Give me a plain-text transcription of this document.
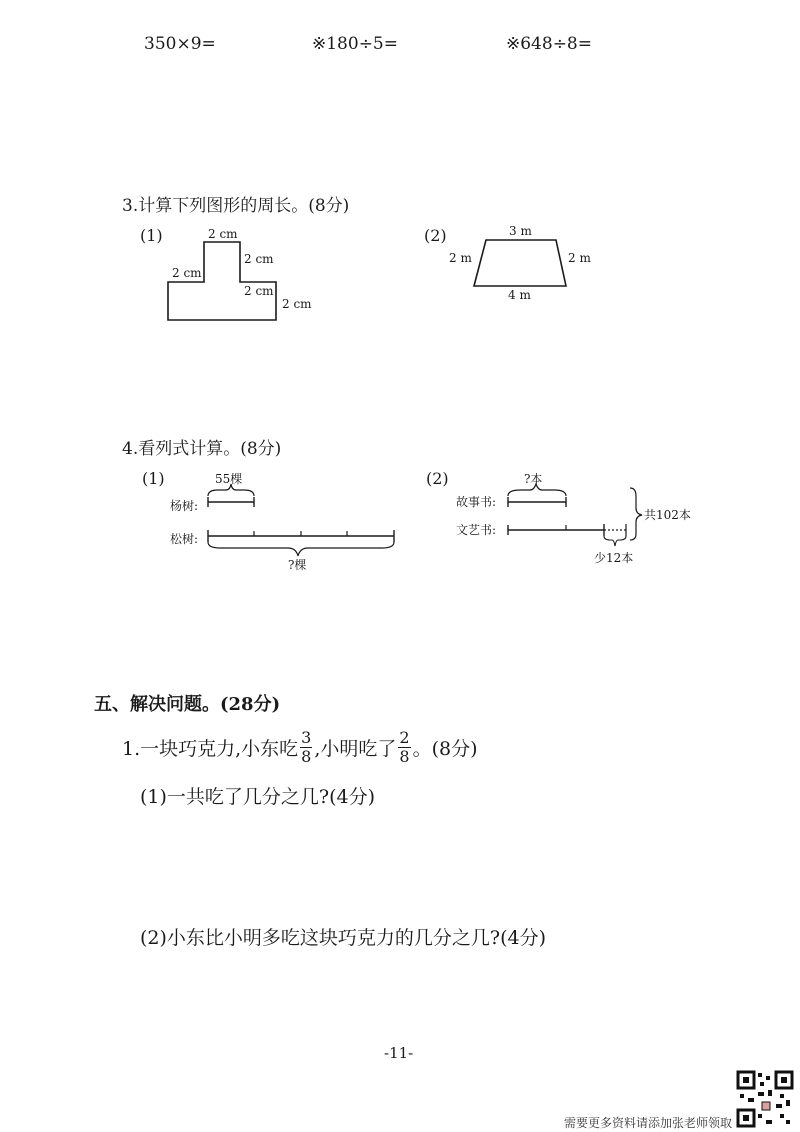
350×9=	※180÷5=	※648÷8=
3.计算下列图形的周长。(8分)
(1)	2 cm
2 cm
2 cm
2 cm
2 cm
(2)	3 m
2 m	2 m
4 m
4.看列式计算。(8分)
(1)	55棵
杨树:
松树:
?棵
(2)	?本
故事书:
文艺书:
共102本
少12本
五、解决问题。(28分)
1.一块巧克力,小东吃 $\frac{3}{8}$ ,小明吃了 $\frac{2}{8}$ 。(8分)
(1)一共吃了几分之几?(4分)
(2)小东比小明多吃这块巧克力的几分之几?(4分)
-11-
需要更多资料请添加张老师领取
